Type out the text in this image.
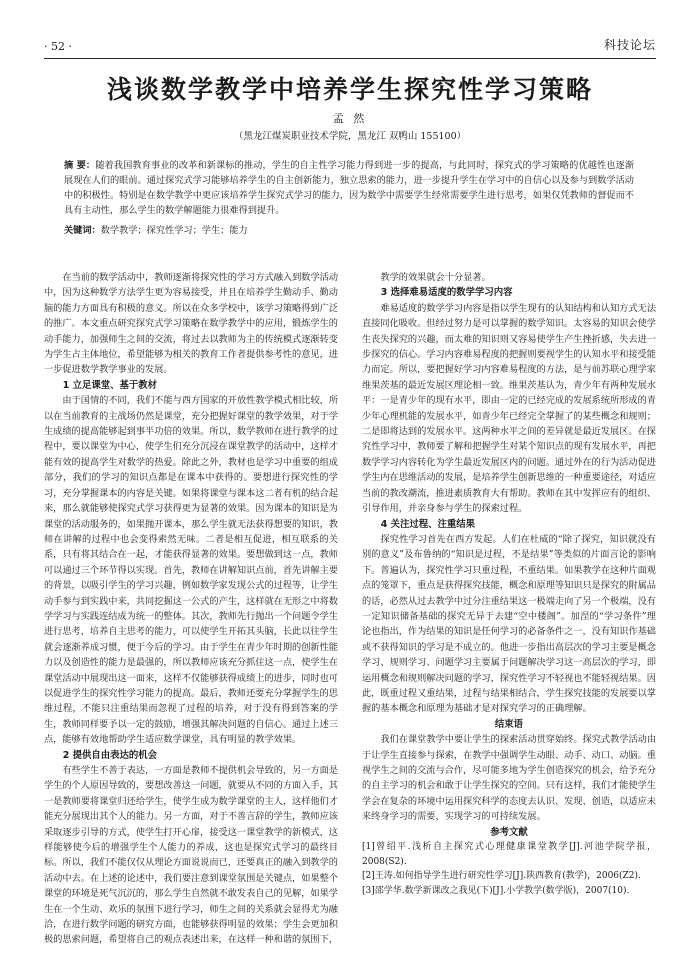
· 52 ·	科技论坛
浅谈数学教学中培养学生探究性学习策略
孟 然
（黑龙江煤炭职业技术学院，黑龙江 双鸭山 155100）
摘 要：随着我国教育事业的改革和新课标的推动，学生的自主性学习能力得到进一步的提高，与此同时，探究式的学习策略的优越性也逐渐展现在人们的眼前。通过探究式学习能够培养学生的自主创新能力，独立思索的能力，进一步提升学生在学习中的自信心以及参与到数学活动中的积极性。特别是在数学教学中更应该培养学生探究式学习的能力，因为数学中需要学生经常需要学生进行思考，如果仅凭教师的督促而不具有主动性，那么学生的数学解题能力很难得到提升。
关键词：数学教学；探究性学习；学生；能力

在当前的数学活动中，教师逐渐将探究性的学习方式融入到数学活动中，因为这种数学方法学生更为容易接受，并且在培养学生勤动手、勤动脑的能力方面具有积极的意义。所以在众多学校中，该学习策略得到广泛的推广。本文重点研究探究式学习策略在数学教学中的应用，锻炼学生的动手能力，加强师生之间的交流，将过去以教师为主的传统模式逐渐转变为学生占主体地位，希望能够为相关的教育工作者提供参考性的意见，进一步促进数学教学事业的发展。

1 立足课堂、基于教材

由于国情的不同，我们不能与西方国家的开放性教学模式相比较，所以在当前教育的主战场仍然是课堂，充分把握好课堂的教学效果，对于学生成绩的提高能够起到事半功倍的效果。所以，数学教师在进行教学的过程中，要以课堂为中心，使学生们充分沉浸在课堂教学的活动中，这样才能有效的提高学生对数学的热爱。除此之外，教材也是学习中重要的组成部分，我们的学习的知识点都是在课本中获得的。要想进行探究性的学习，充分掌握课本的内容是关键。如果将课堂与课本这二者有机的结合起来，那么就能够使探究式学习获得更为显著的效果。因为课本的知识是为课堂的活动服务的，如果抛开课本，那么学生就无法获得想要的知识，教师在讲解的过程中也会变得索然无味。二者是相互促进，相互联系的关系，只有将其结合在一起，才能获得显著的效果。要想做到这一点，教师可以通过三个环节得以实现。首先，教师在讲解知识点前，首先讲解主要的背景，以吸引学生的学习兴趣，例如数学家发现公式的过程等，让学生动手参与到实践中来，共同挖掘这一公式的产生，这样就在无形之中将数学学习与实践连结成为统一的整体。其次，教师先行抛出一个问题令学生进行思考，培养自主思考的能力，可以使学生开拓其头脑，长此以往学生就会逐渐养成习惯，便于今后的学习。由于学生在青少年时期的创新性能力以及创造性的能力是最强的，所以教师应该充分抓住这一点，使学生在课堂活动中展现出这一面来，这样不仅能够获得成绩上的进步，同时也可以促进学生的探究性学习能力的提高。最后，教师还要充分掌握学生的思维过程，不能只注重结果而忽视了过程的培养，对于没有得到答案的学生，教师同样要予以一定的鼓励，增强其解决问题的自信心。通过上述三点，能够有效地帮助学生适应数学课堂，具有明显的教学效果。

2 提供自由表达的机会

有些学生不善于表达，一方面是教师不提供机会导致的，另一方面是学生的个人原因导致的，要想改善这一问题，就要从不同的方面入手，其一是教师要将课堂归还给学生，使学生成为数学课堂的主人，这样他们才能充分展现出其个人的能力。另一方面，对于不善言辞的学生，教师应该采取逐步引导的方式，使学生打开心扉，接受这一课堂教学的新模式，这样能够使今后的增强学生个人能力的养成，这也是探究式学习的最终目标。所以，我们不能仅仅从理论方面说说而已，还要真正的融入到教学的活动中去。在上述的论述中，我们要注意到课堂氛围是关键点，如果整个课堂的环境是死气沉沉的，那么学生自然就不敢发表自己的见解，如果学生在一个生动、欢乐的氛围下进行学习，师生之间的关系就会显得尤为融洽，在进行数学问题的研究方面，也能够获得明显的效果；学生会更加积极的思索问题，希望将自己的观点表述出来，在这样一种和谐的氛围下，

教学的效果就会十分显著。

3 选择难易适度的数学学习内容

难易适度的数学学习内容是指以学生现有的认知结构和认知方式无法直接同化吸收。但经过努力是可以掌握的数学知识。太容易的知识会使学生丧失探究的兴趣，而太难的知识则又容易使学生产生挫折感，失去进一步探究的信心。学习内容难易程度的把握则要视学生的认知水平和接受能力而定。所以，要把握好学习内容难易程度的方法，是与前苏联心理学家维果茨基的最近发展区理论相一致。维果茨基认为，青少年有两种发展水平：一是青少年的现有水平，即由一定的已经完成的发展系统所形成的青少年心理机能的发展水平，如青少年已经完全掌握了的某些概念和规则；二是即将达到的发展水平。这两种水平之间的差异就是最近发展区。在探究性学习中，教师要了解和把握学生对某个知识点的现有发展水平，再把数学学习内容转化为学生最近发展区内的问题。通过外在的行为活动促进学生内在思维活动的发展，是培养学生创新思维的一种重要途径，对适应当前的教改潮流，推进素质教育大有帮助。教师在其中发挥应有的组织、引导作用，并亲身参与学生的探索过程。

4 关注过程、注重结果

探究性学习首先在西方发起。人们在杜威的“除了探究，知识就没有别的意义”及布鲁纳的“知识是过程，不是结果”等类似的片面言论的影响下。普遍认为，探究性学习只重过程，不重结果。如果教学在这种片面观点的笼罩下，重点是获得探究技能，概念和原理等知识只是探究的附属品的话，必然从过去教学中过分注重结果这一极端走向了另一个极端，没有一定知识储备基础的探究无异于去建“空中楼阁”。加涅的“学习条件”理论也指出，作为结果的知识是任何学习的必备条件之一，没有知识作基础或不获得知识的学习是不成立的。他进一步指出高层次的学习主要是概念学习、规则学习、问题学习主要属于问题解决学习这一高层次的学习，即运用概念和规则解决问题的学习，探究性学习不轻视也不能轻视结果。因此，既重过程又重结果，过程与结果相结合，学生探究技能的发展要以掌握的基本概念和原理为基础才是对探究学习的正确理解。

结束语

我们在课堂教学中要让学生的探索活动贯穿始终。探究式教学活动由于让学生直接参与探索，在教学中强调学生动眼、动手、动口、动脑。重视学生之间的交流与合作，尽可能多地为学生创造探究的机会，给予充分的自主学习的机会和敢于让学生探究的空间。只有这样，我们才能使学生学会在复杂的环境中运用探究科学的态度去认识、发现、创造，以适应未来终身学习的需要，实现学习的可持续发展。

参考文献
[1]曾绍平.浅析自主探究式心理健康课堂教学[J].河池学院学报，2008(S2).
[2]王涛.如何指导学生进行研究性学习[J].陕西教育(教学)，2006(Z2).
[3]邵学华.数学新课改之我见(下)[J].小学教学(数学版)，2007(10).
